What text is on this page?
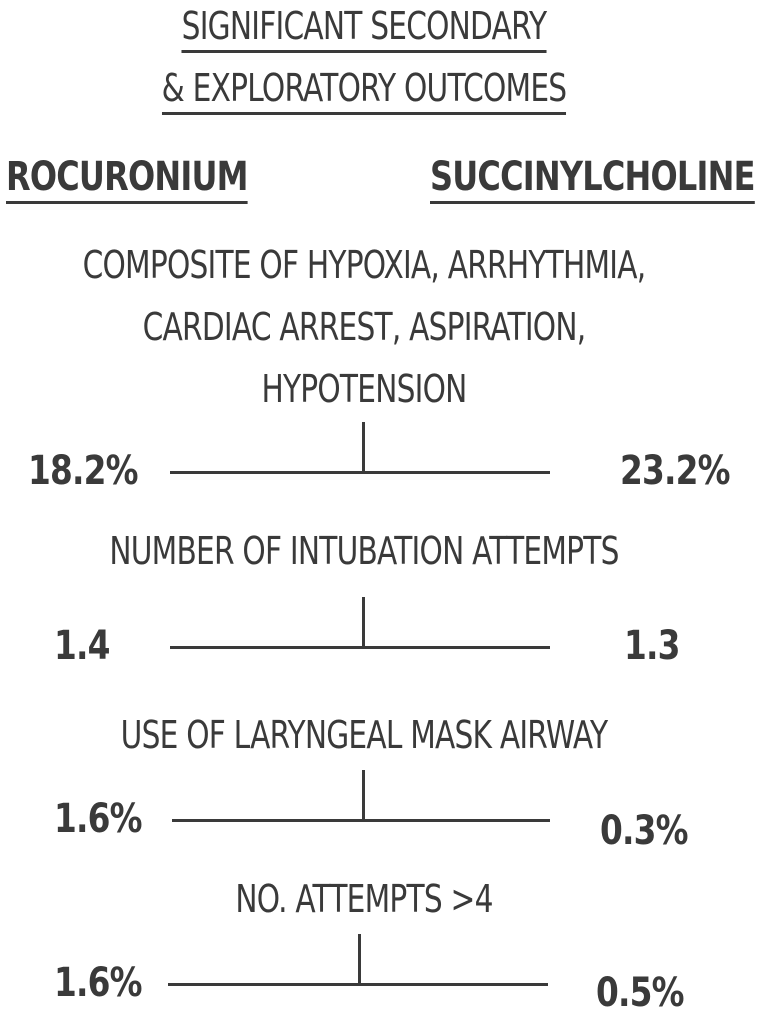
SIGNIFICANT SECONDARY
& EXPLORATORY OUTCOMES
ROCURONIUM	SUCCINYLCHOLINE
COMPOSITE OF HYPOXIA, ARRHYTHMIA,
CARDIAC ARREST, ASPIRATION,
HYPOTENSION
18.2%	23.2%
NUMBER OF INTUBATION ATTEMPTS
1.4	1.3
USE OF LARYNGEAL MASK AIRWAY
1.6%	0.3%
NO. ATTEMPTS >4
1.6%	0.5%
